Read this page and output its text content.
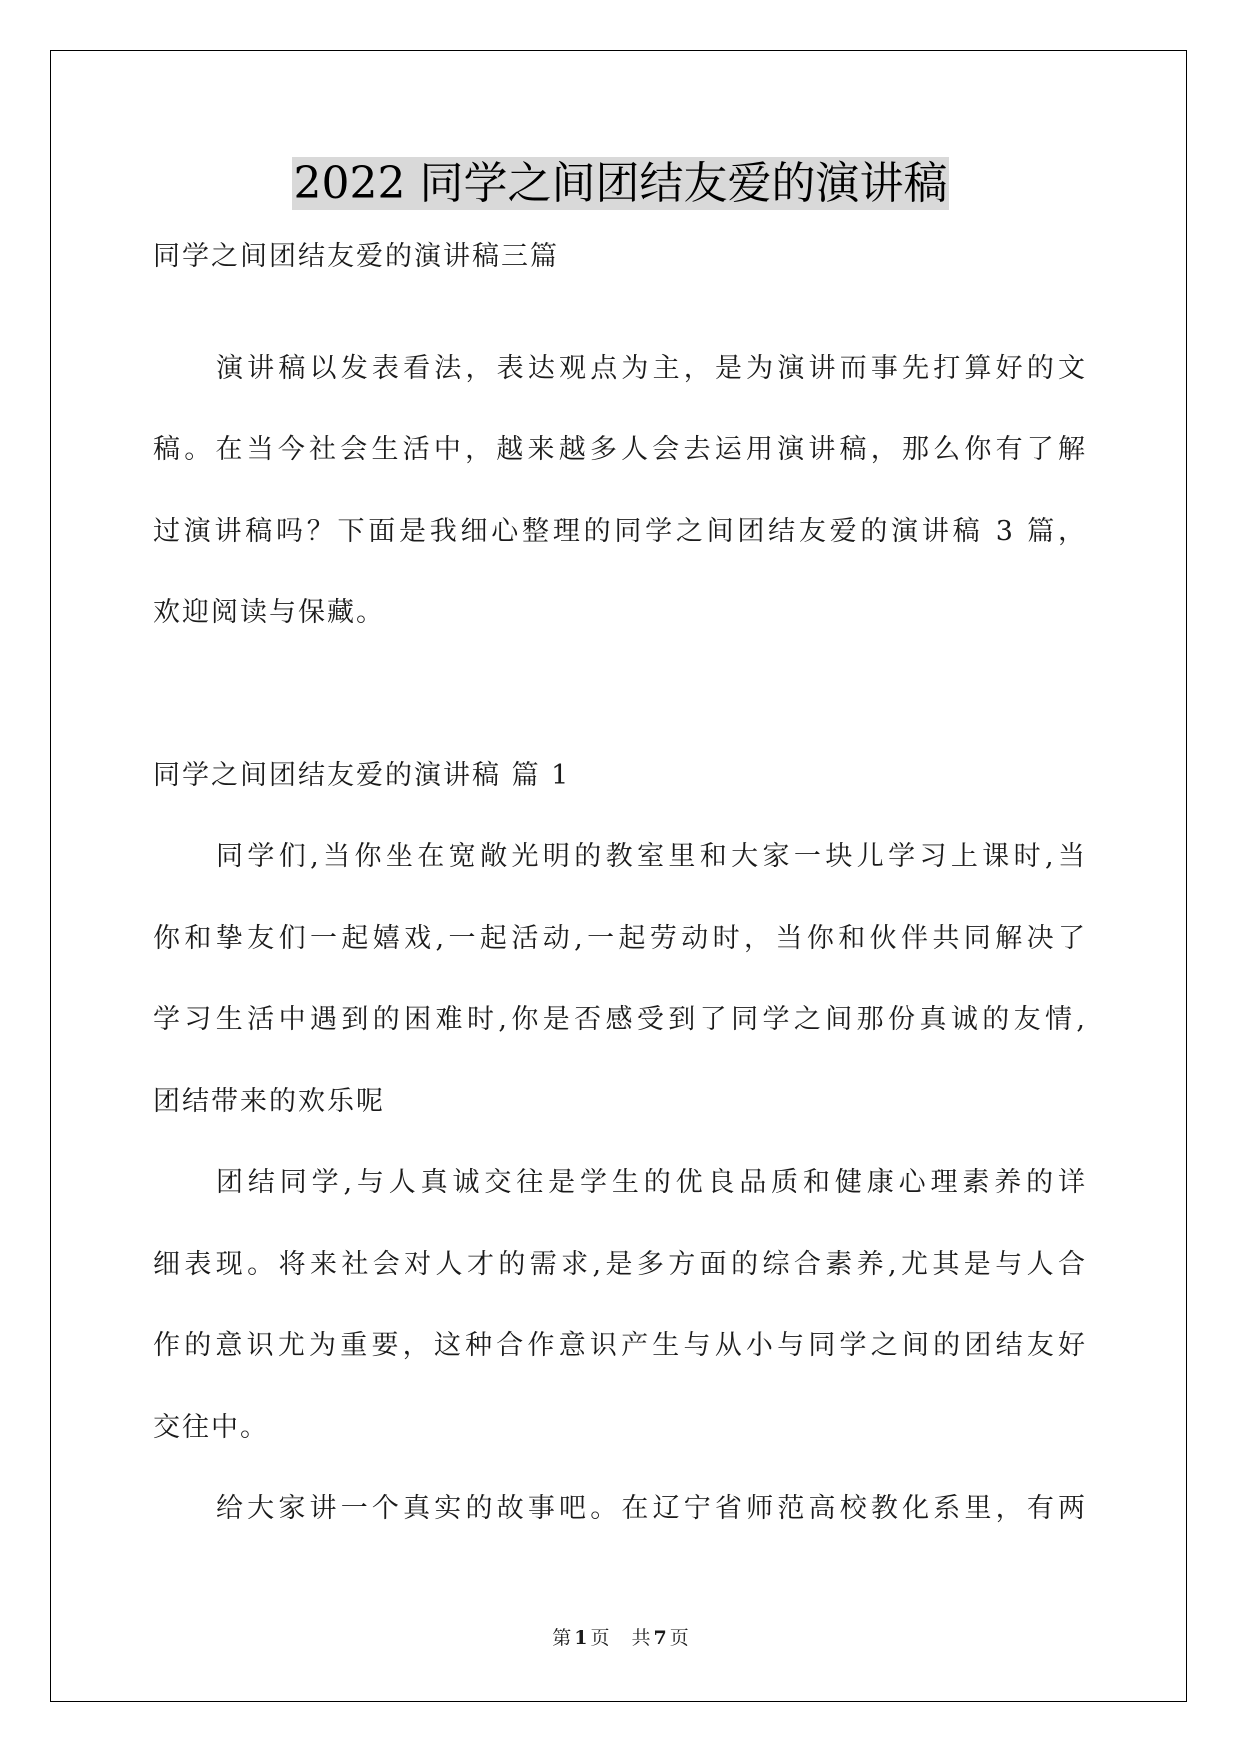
2022 同学之间团结友爱的演讲稿
同学之间团结友爱的演讲稿三篇
演讲稿以发表看法，表达观点为主，是为演讲而事先打算好的文
稿。在当今社会生活中，越来越多人会去运用演讲稿，那么你有了解
过演讲稿吗？下面是我细心整理的同学之间团结友爱的演讲稿 3 篇，
欢迎阅读与保藏。
同学之间团结友爱的演讲稿 篇 1
同学们,当你坐在宽敞光明的教室里和大家一块儿学习上课时,当
你和挚友们一起嬉戏,一起活动,一起劳动时，当你和伙伴共同解决了
学习生活中遇到的困难时,你是否感受到了同学之间那份真诚的友情,
团结带来的欢乐呢
团结同学,与人真诚交往是学生的优良品质和健康心理素养的详
细表现。将来社会对人才的需求,是多方面的综合素养,尤其是与人合
作的意识尤为重要，这种合作意识产生与从小与同学之间的团结友好
交往中。
给大家讲一个真实的故事吧。在辽宁省师范高校教化系里，有两
第 1 页 共 7 页
